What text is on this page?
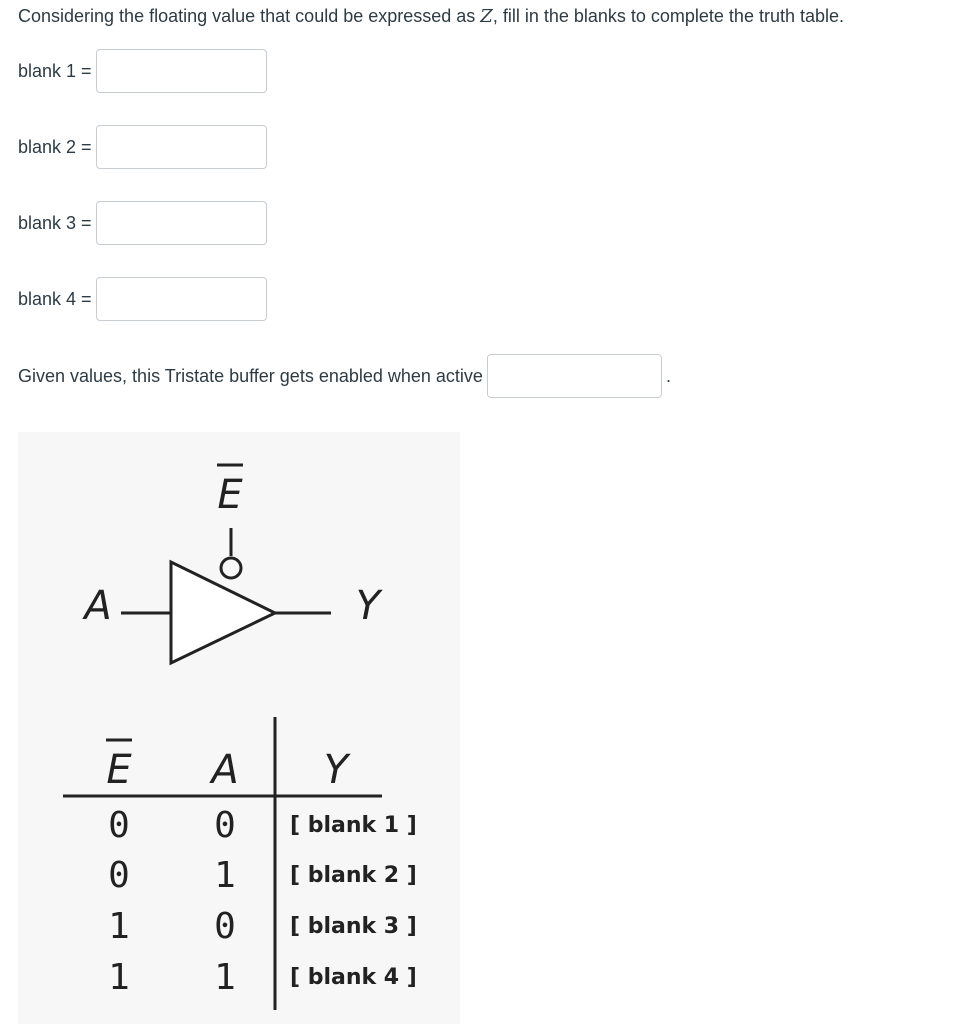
Considering the floating value that could be expressed as Z, fill in the blanks to complete the truth table.
blank 1 =
blank 2 =
blank 3 =
blank 4 =
Given values, this Tristate buffer gets enabled when active	.
E
A	Y
E A Y
0 0 [ blank 1 ]
0 1 [ blank 2 ]
1 0 [ blank 3 ]
1 1 [ blank 4 ]
